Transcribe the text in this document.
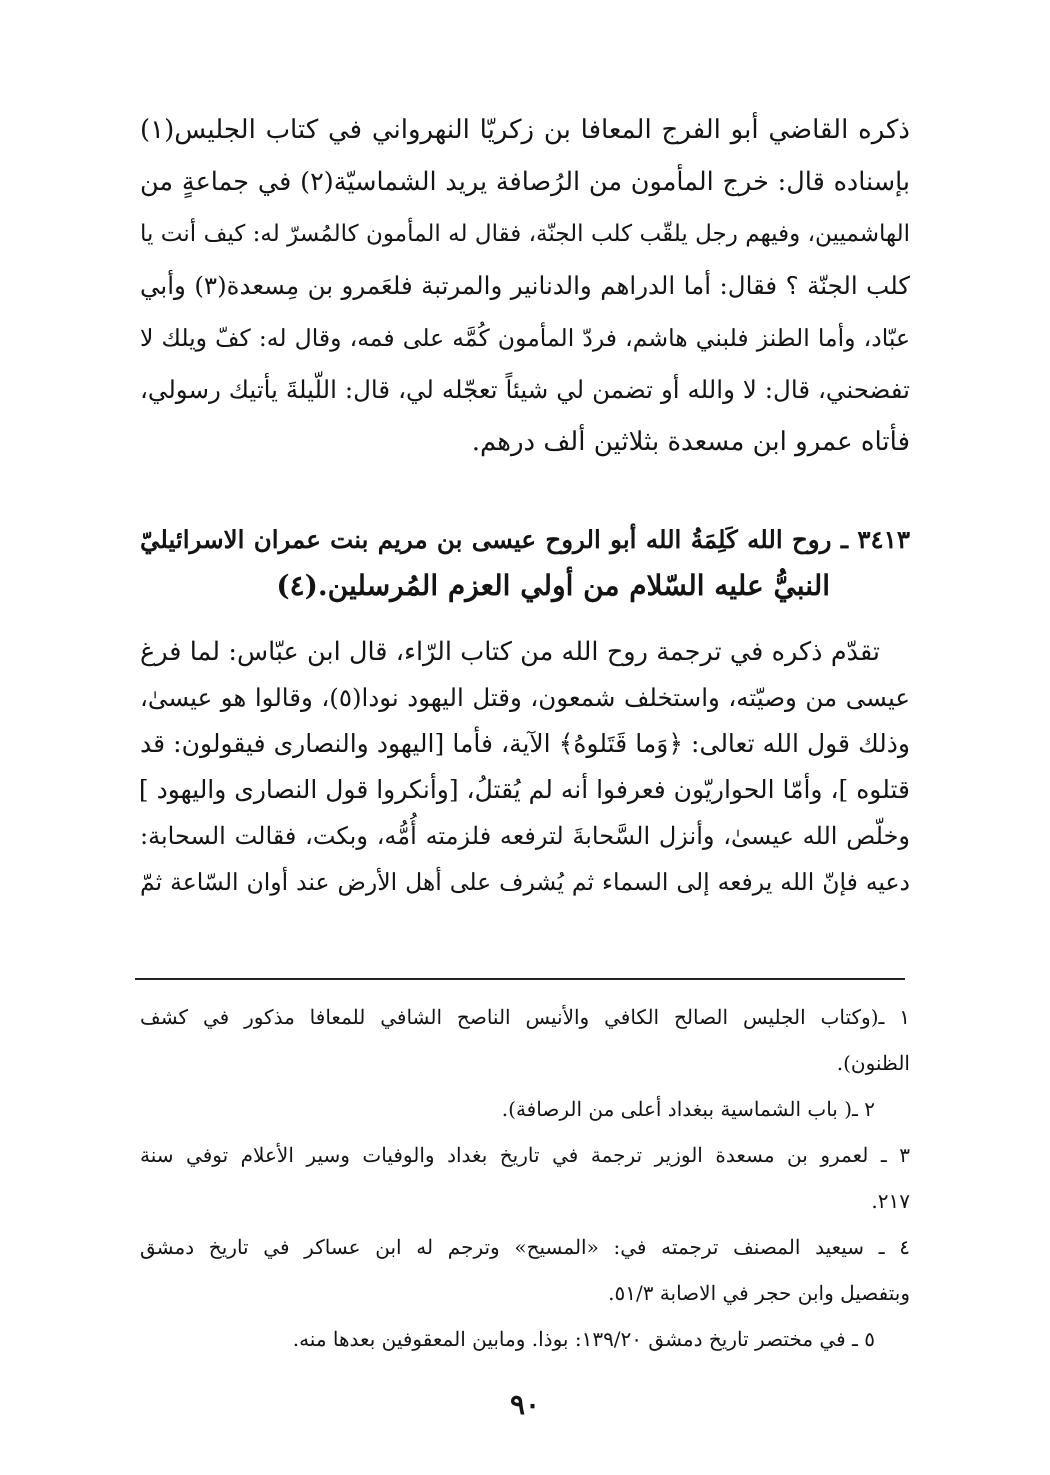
ذكره القاضي أبو الفرج المعافا بن زكريّا النهرواني في كتاب الجليس(١)
بإسناده قال: خرج المأمون من الرُصافة يريد الشماسيّة(٢) في جماعةٍ من
الهاشميين، وفيهم رجل يلقّب كلب الجنّة، فقال له المأمون كالمُسرّ له: كيف أنت يا
كلب الجنّة ؟ فقال: أما الدراهم والدنانير والمرتبة فلعَمرو بن مِسعدة(٣) وأبي
عبّاد، وأما الطنز فلبني هاشم، فردّ المأمون كُمَّه على فمه، وقال له: كفّ ويلك لا
تفضحني، قال: لا والله أو تضمن لي شيئاً تعجّله لي، قال: اللّيلةَ يأتيك رسولي،
فأتاه عمرو ابن مسعدة بثلاثين ألف درهم.
٣٤١٣ ـ روح الله كَلِمَةُ الله أبو الروح عيسى بن مريم بنت عمران الاسرائيليّ
النبيُّ عليه السّلام من أولي العزم المُرسلين.(٤)
تقدّم ذكره في ترجمة روح الله من كتاب الرّاء، قال ابن عبّاس: لما فرغ
عيسى من وصيّته، واستخلف شمعون، وقتل اليهود نودا(٥)، وقالوا هو عيسىٰ،
وذلك قول الله تعالى: ﴿وَما قَتَلوهُ﴾ الآية، فأما [اليهود والنصارى فيقولون: قد
قتلوه ]، وأمّا الحواريّون فعرفوا أنه لم يُقتلُ، [وأنكروا قول النصارى واليهود ]
وخلّص الله عيسىٰ، وأنزل السَّحابةَ لترفعه فلزمته أُمُّه، وبكت، فقالت السحابة:
دعيه فإنّ الله يرفعه إلى السماء ثم يُشرف على أهل الأرض عند أوان السّاعة ثمّ
١ ـ(وكتاب الجليس الصالح الكافي والأنيس الناصح الشافي للمعافا مذكور في كشف
الظنون).
٢ ـ( باب الشماسية ببغداد أعلى من الرصافة).
٣ ـ لعمرو بن مسعدة الوزير ترجمة في تاريخ بغداد والوفيات وسير الأعلام توفي سنة
٢١٧.
٤ ـ سيعيد المصنف ترجمته في: «المسيح» وترجم له ابن عساكر في تاريخ دمشق
وبتفصيل وابن حجر في الاصابة ٥١/٣.
٥ ـ في مختصر تاريخ دمشق ١٣٩/٢٠: بوذا. ومابين المعقوفين بعدها منه.
٩٠
